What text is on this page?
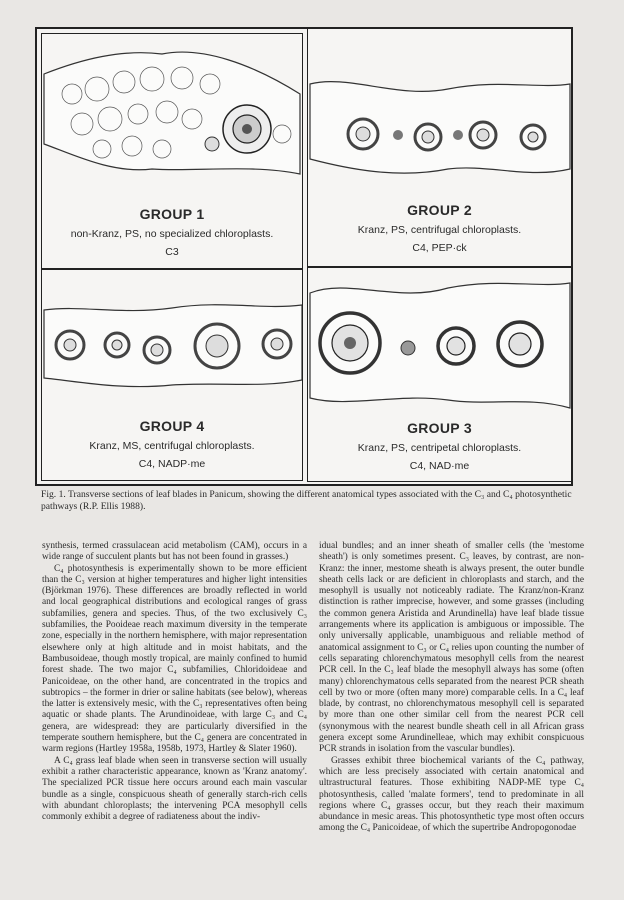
GROUP 1
non-Kranz, PS, no specialized chloroplasts.
C3
GROUP 2
Kranz, PS, centrifugal chloroplasts.
C4, PEP·ck
GROUP 4
Kranz, MS, centrifugal chloroplasts.
C4, NADP·me
GROUP 3
Kranz, PS, centripetal chloroplasts.
C4, NAD·me
Fig. 1. Transverse sections of leaf blades in Panicum, showing the different anatomical types associated with the C₃ and C₄ photosynthetic pathways (R.P. Ellis 1988).

synthesis, termed crassulacean acid metabolism (CAM), occurs in a wide range of succulent plants but has not been found in grasses.)

C₄ photosynthesis is experimentally shown to be more efficient than the C₃ version at higher temperatures and higher light intensities (Björkman 1976). These differences are broadly reflected in world and local geographical distributions and ecological ranges of grass subfamilies, genera and species. Thus, of the two exclusively C₃ subfamilies, the Pooideae reach maximum diversity in the temperate zone, especially in the northern hemisphere, with major representation elsewhere only at high altitude and in moist habitats, and the Bambusoideae, though mostly tropical, are mainly confined to humid forest shade. The two major C₄ subfamilies, Chloridoideae and Panicoideae, on the other hand, are concentrated in the tropics and subtropics – the former in drier or saline habitats (see below), whereas the latter is extensively mesic, with the C₃ representatives often being aquatic or shade plants. The Arundinoideae, with large C₃ and C₄ genera, are widespread: they are particularly diversified in the temperate southern hemisphere, but the C₄ genera are concentrated in warm regions (Hartley 1958a, 1958b, 1973, Hartley & Slater 1960).

A C₄ grass leaf blade when seen in transverse section will usually exhibit a rather characteristic appearance, known as 'Kranz anatomy'. The specialized PCR tissue here occurs around each main vascular bundle as a single, conspicuous sheath of generally starch-rich cells with abundant chloroplasts; the intervening PCA mesophyll cells commonly exhibit a degree of radiateness about the indiv-

idual bundles; and an inner sheath of smaller cells (the 'mestome sheath') is only sometimes present. C₃ leaves, by contrast, are non-Kranz: the inner, mestome sheath is always present, the outer bundle sheath cells lack or are deficient in chloroplasts and starch, and the mesophyll is usually not noticeably radiate. The Kranz/non-Kranz distinction is rather imprecise, however, and some grasses (including the common genera Aristida and Arundinella) have leaf blade tissue arrangements where its application is ambiguous or impossible. The only universally applicable, unambiguous and reliable method of anatomical assignment to C₃ or C₄ relies upon counting the number of cells separating chlorenchymatous mesophyll cells from the nearest PCR cell. In the C₃ leaf blade the mesophyll always has some (often many) chlorenchymatous cells separated from the nearest PCR sheath cell by two or more (often many more) comparable cells. In a C₄ leaf blade, by contrast, no chlorenchymatous mesophyll cell is separated by more than one other similar cell from the nearest PCR cell (synonymous with the nearest bundle sheath cell in all African grass genera except some Arundinelleae, which may exhibit conspicuous PCR strands in isolation from the vascular bundles).

Grasses exhibit three biochemical variants of the C₄ pathway, which are less precisely associated with certain anatomical and ultrastructural features. Those exhibiting NADP-ME type C₄ photosynthesis, called 'malate formers', tend to predominate in all regions where C₄ grasses occur, but they reach their maximum abundance in mesic areas. This photosynthetic type most often occurs among the C₄ Panicoideae, of which the supertribe Andropogonodae
